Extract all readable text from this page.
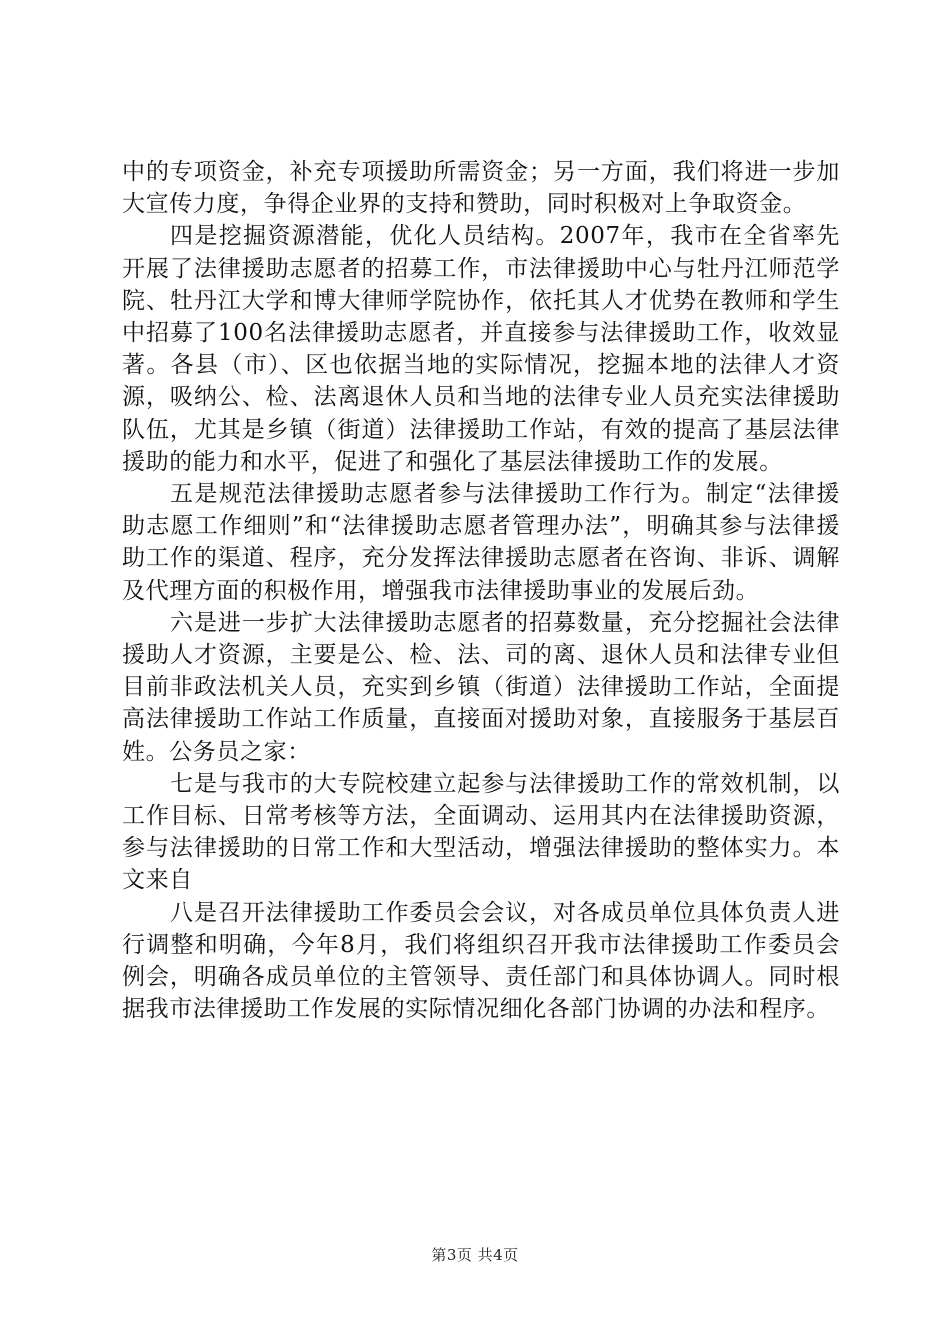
中的专项资金，补充专项援助所需资金；另一方面，我们将进一步加大宣传力度，争得企业界的支持和赞助，同时积极对上争取资金。

四是挖掘资源潜能，优化人员结构。2007年，我市在全省率先开展了法律援助志愿者的招募工作，市法律援助中心与牡丹江师范学院、牡丹江大学和博大律师学院协作，依托其人才优势在教师和学生中招募了100名法律援助志愿者，并直接参与法律援助工作，收效显著。各县（市）、区也依据当地的实际情况，挖掘本地的法律人才资源，吸纳公、检、法离退休人员和当地的法律专业人员充实法律援助队伍，尤其是乡镇（街道）法律援助工作站，有效的提高了基层法律援助的能力和水平，促进了和强化了基层法律援助工作的发展。

五是规范法律援助志愿者参与法律援助工作行为。制定“法律援助志愿工作细则”和“法律援助志愿者管理办法”，明确其参与法律援助工作的渠道、程序，充分发挥法律援助志愿者在咨询、非诉、调解及代理方面的积极作用，增强我市法律援助事业的发展后劲。

六是进一步扩大法律援助志愿者的招募数量，充分挖掘社会法律援助人才资源，主要是公、检、法、司的离、退休人员和法律专业但目前非政法机关人员，充实到乡镇（街道）法律援助工作站，全面提高法律援助工作站工作质量，直接面对援助对象，直接服务于基层百姓。公务员之家：

七是与我市的大专院校建立起参与法律援助工作的常效机制，以工作目标、日常考核等方法，全面调动、运用其内在法律援助资源，参与法律援助的日常工作和大型活动，增强法律援助的整体实力。本文来自

八是召开法律援助工作委员会会议，对各成员单位具体负责人进行调整和明确，今年8月，我们将组织召开我市法律援助工作委员会例会，明确各成员单位的主管领导、责任部门和具体协调人。同时根据我市法律援助工作发展的实际情况细化各部门协调的办法和程序。

第3页 共4页
